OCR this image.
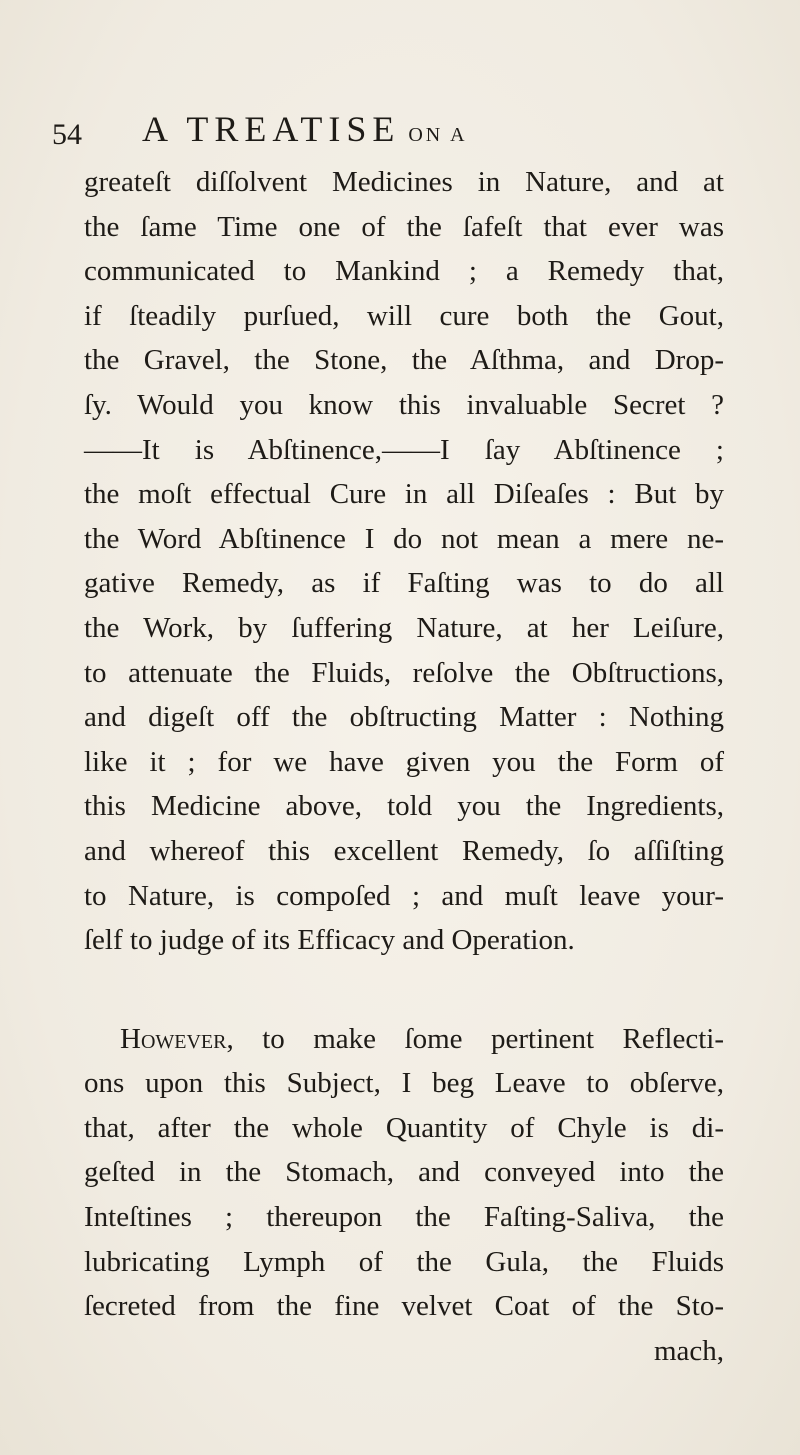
54 A TREATISE ON A
greateſt diſſolvent Medicines in Nature, and at
the ſame Time one of the ſafeſt that ever was
communicated to Mankind ; a Remedy that,
if ſteadily purſued, will cure both the Gout,
the Gravel, the Stone, the Aſthma, and Drop-
ſy. Would you know this invaluable Secret ?
——It is Abſtinence,——I ſay Abſtinence ;
the moſt effectual Cure in all Diſeaſes : But by
the Word Abſtinence I do not mean a mere ne-
gative Remedy, as if Faſting was to do all
the Work, by ſuffering Nature, at her Leiſure,
to attenuate the Fluids, reſolve the Obſtructions,
and digeſt off the obſtructing Matter : Nothing
like it ; for we have given you the Form of
this Medicine above, told you the Ingredients,
and whereof this excellent Remedy, ſo aſſiſting
to Nature, is compoſed ; and muſt leave your-
ſelf to judge of its Efficacy and Operation.
However, to make ſome pertinent Reflecti-
ons upon this Subject, I beg Leave to obſerve,
that, after the whole Quantity of Chyle is di-
geſted in the Stomach, and conveyed into the
Inteſtines ; thereupon the Faſting-Saliva, the
lubricating Lymph of the Gula, the Fluids
ſecreted from the fine velvet Coat of the Sto-
mach,
